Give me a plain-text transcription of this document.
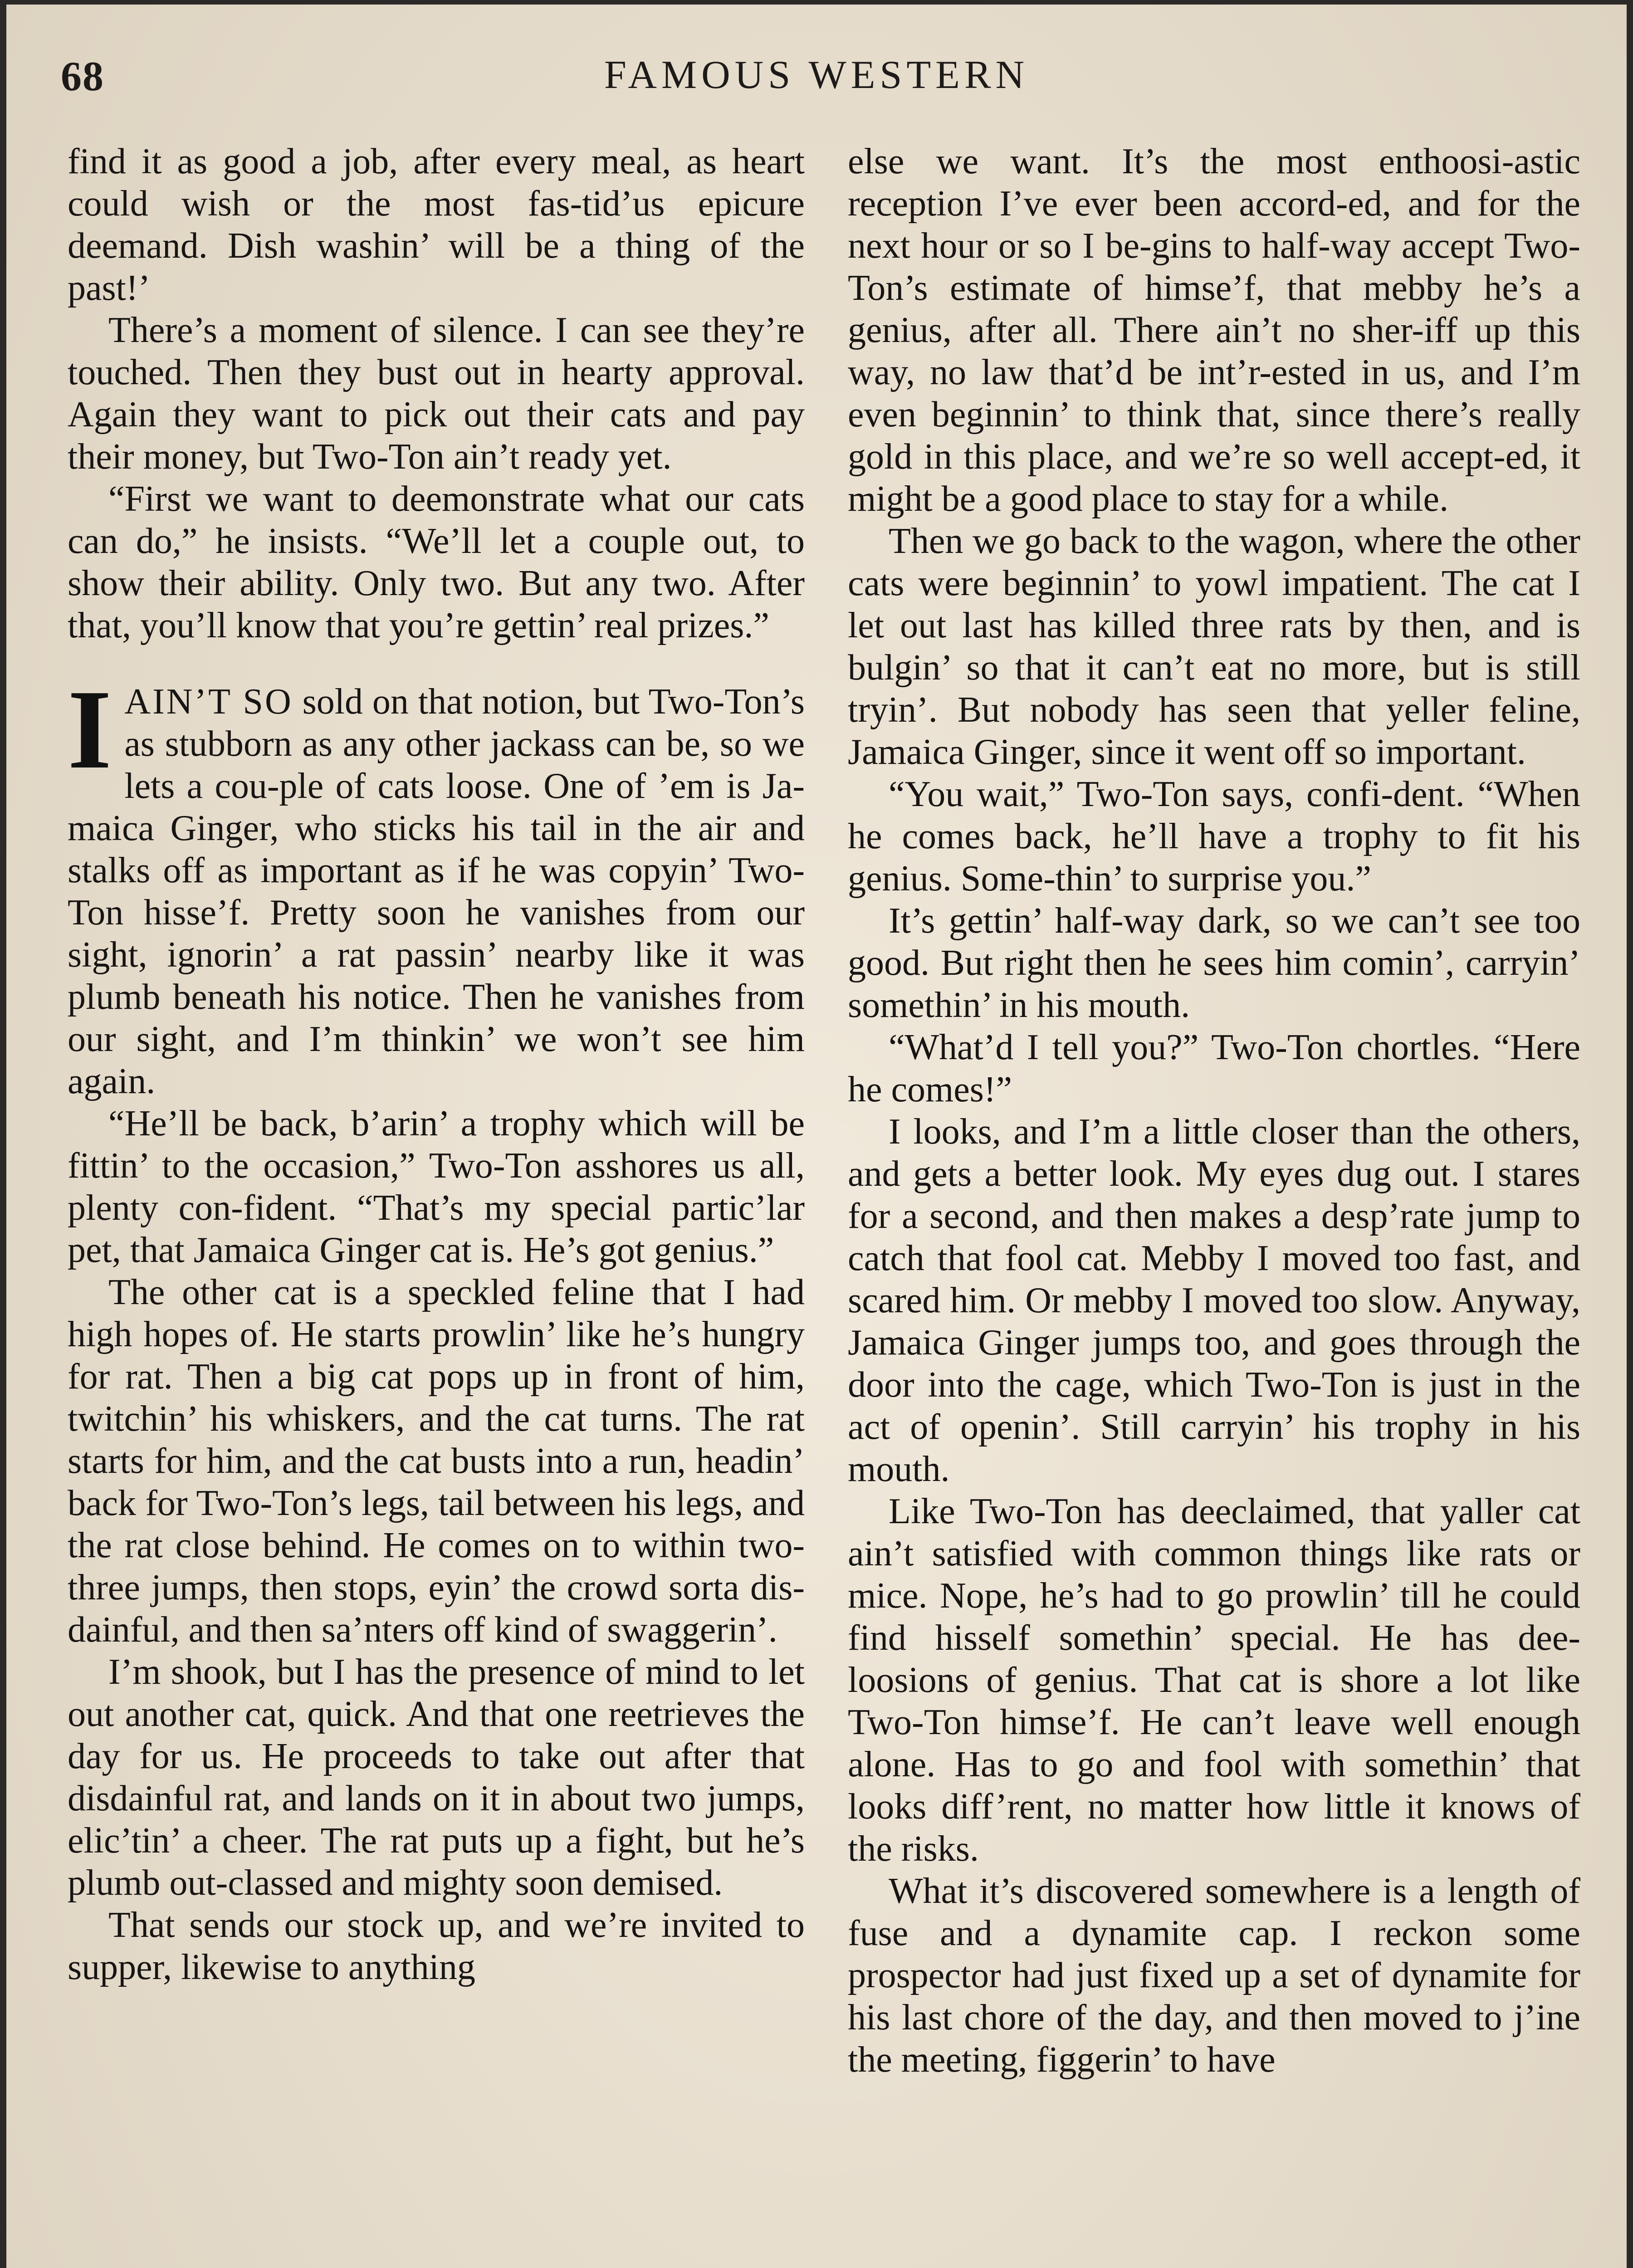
68	FAMOUS WESTERN

find it as good a job, after every meal, as heart could wish or the most fas-tid’us epicure deemand. Dish washin’ will be a thing of the past!’

There’s a moment of silence. I can see they’re touched. Then they bust out in hearty approval. Again they want to pick out their cats and pay their money, but Two-Ton ain’t ready yet.

“First we want to deemonstrate what our cats can do,” he insists. “We’ll let a couple out, to show their ability. Only two. But any two. After that, you’ll know that you’re gettin’ real prizes.”

IAIN’T SO sold on that notion, but Two-Ton’s as stubborn as any other jackass can be, so we lets a cou-ple of cats loose. One of ’em is Ja-maica Ginger, who sticks his tail in the air and stalks off as important as if he was copyin’ Two-Ton hisse’f. Pretty soon he vanishes from our sight, ignorin’ a rat passin’ nearby like it was plumb beneath his notice. Then he vanishes from our sight, and I’m thinkin’ we won’t see him again.

“He’ll be back, b’arin’ a trophy which will be fittin’ to the occasion,” Two-Ton asshores us all, plenty con-fident. “That’s my special partic’lar pet, that Jamaica Ginger cat is. He’s got genius.”

The other cat is a speckled feline that I had high hopes of. He starts prowlin’ like he’s hungry for rat. Then a big cat pops up in front of him, twitchin’ his whiskers, and the cat turns. The rat starts for him, and the cat busts into a run, headin’ back for Two-Ton’s legs, tail between his legs, and the rat close behind. He comes on to within two-three jumps, then stops, eyin’ the crowd sorta dis-dainful, and then sa’nters off kind of swaggerin’.

I’m shook, but I has the presence of mind to let out another cat, quick. And that one reetrieves the day for us. He proceeds to take out after that disdainful rat, and lands on it in about two jumps, elic’tin’ a cheer. The rat puts up a fight, but he’s plumb out-classed and mighty soon demised.

That sends our stock up, and we’re invited to supper, likewise to anything

else we want. It’s the most enthoosi-astic reception I’ve ever been accord-ed, and for the next hour or so I be-gins to half-way accept Two-Ton’s estimate of himse’f, that mebby he’s a genius, after all. There ain’t no sher-iff up this way, no law that’d be int’r-ested in us, and I’m even beginnin’ to think that, since there’s really gold in this place, and we’re so well accept-ed, it might be a good place to stay for a while.

Then we go back to the wagon, where the other cats were beginnin’ to yowl impatient. The cat I let out last has killed three rats by then, and is bulgin’ so that it can’t eat no more, but is still tryin’. But nobody has seen that yeller feline, Jamaica Ginger, since it went off so important.

“You wait,” Two-Ton says, confi-dent. “When he comes back, he’ll have a trophy to fit his genius. Some-thin’ to surprise you.”

It’s gettin’ half-way dark, so we can’t see too good. But right then he sees him comin’, carryin’ somethin’ in his mouth.

“What’d I tell you?” Two-Ton chortles. “Here he comes!”

I looks, and I’m a little closer than the others, and gets a better look. My eyes dug out. I stares for a second, and then makes a desp’rate jump to catch that fool cat. Mebby I moved too fast, and scared him. Or mebby I moved too slow. Anyway, Jamaica Ginger jumps too, and goes through the door into the cage, which Two-Ton is just in the act of openin’. Still carryin’ his trophy in his mouth.

Like Two-Ton has deeclaimed, that yaller cat ain’t satisfied with common things like rats or mice. Nope, he’s had to go prowlin’ till he could find hisself somethin’ special. He has dee-loosions of genius. That cat is shore a lot like Two-Ton himse’f. He can’t leave well enough alone. Has to go and fool with somethin’ that looks diff’rent, no matter how little it knows of the risks.

What it’s discovered somewhere is a length of fuse and a dynamite cap. I reckon some prospector had just fixed up a set of dynamite for his last chore of the day, and then moved to j’ine the meeting, figgerin’ to have
